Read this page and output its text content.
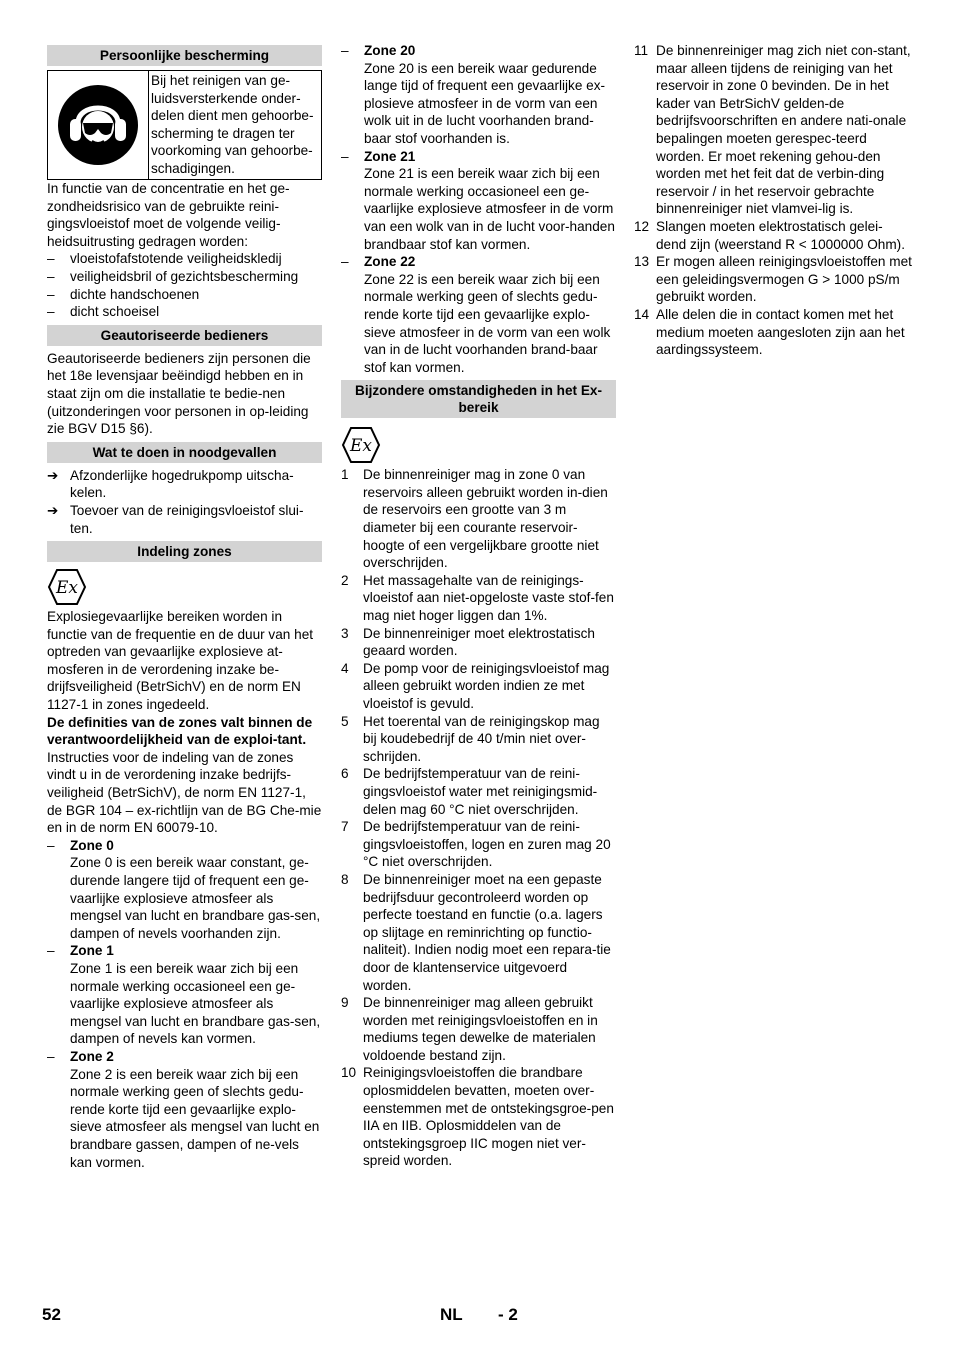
Persoonlijke bescherming
Bij het reinigen van ge-luidsversterkende onder-delen dient men gehoorbe-scherming te dragen ter voorkoming van gehoorbe-schadigingen.

In functie van de concentratie en het ge-zondheidsrisico van de gebruikte reini-gingsvloeistof moet de volgende veilig-heidsuitrusting gedragen worden:

– vloeistofafstotende veiligheidskledij
– veiligheidsbril of gezichtsbescherming
– dichte handschoenen
– dicht schoeisel
Geautoriseerde bedieners

Geautoriseerde bedieners zijn personen die het 18e levensjaar beëindigd hebben en in staat zijn om die installatie te bedie-nen (uitzonderingen voor personen in op-leiding zie BGV D15 §6).

Wat te doen in noodgevallen
➔ Afzonderlijke hogedrukpomp uitscha-kelen.
➔ Toevoer van de reinigingsvloeistof slui-ten.
Indeling zones
Ex

Explosiegevaarlijke bereiken worden in functie van de frequentie en de duur van het optreden van gevaarlijke explosieve at-mosferen in de verordening inzake be-drijfsveiligheid (BetrSichV) en de norm EN 1127-1 in zones ingedeeld.

De definities van de zones valt binnen de verantwoordelijkheid van de exploi-tant.

Instructies voor de indeling van de zones vindt u in de verordening inzake bedrijfs-veiligheid (BetrSichV), de norm EN 1127-1, de BGR 104 – ex-richtlijn van de BG Che-mie en in de norm EN 60079-10.

– Zone 0
Zone 0 is een bereik waar constant, ge-durende langere tijd of frequent een ge-vaarlijke explosieve atmosfeer als mengsel van lucht en brandbare gas-sen, dampen of nevels voorhanden zijn.
– Zone 1
Zone 1 is een bereik waar zich bij een normale werking occasioneel een ge-vaarlijke explosieve atmosfeer als mengsel van lucht en brandbare gas-sen, dampen of nevels kan vormen.
– Zone 2
Zone 2 is een bereik waar zich bij een normale werking geen of slechts gedu-rende korte tijd een gevaarlijke explo-sieve atmosfeer als mengsel van lucht en brandbare gassen, dampen of ne-vels kan vormen.
– Zone 20
Zone 20 is een bereik waar gedurende lange tijd of frequent een gevaarlijke ex-plosieve atmosfeer in de vorm van een wolk uit in de lucht voorhanden brand-baar stof voorhanden is.
– Zone 21
Zone 21 is een bereik waar zich bij een normale werking occasioneel een ge-vaarlijke explosieve atmosfeer in de vorm van een wolk van in de lucht voor-handen brandbaar stof kan vormen.
– Zone 22
Zone 22 is een bereik waar zich bij een normale werking geen of slechts gedu-rende korte tijd een gevaarlijke explo-sieve atmosfeer in de vorm van een wolk van in de lucht voorhanden brand-baar stof kan vormen.
Bijzondere omstandigheden in het Ex-bereik
Ex
1 De binnenreiniger mag in zone 0 van reservoirs alleen gebruikt worden in-dien de reservoirs een grootte van 3 m diameter bij een courante reservoir-hoogte of een vergelijkbare grootte niet overschrijden.
2 Het massagehalte van de reinigings-vloeistof aan niet-opgeloste vaste stof-fen mag niet hoger liggen dan 1%.
3 De binnenreiniger moet elektrostatisch geaard worden.
4 De pomp voor de reinigingsvloeistof mag alleen gebruikt worden indien ze met vloeistof is gevuld.
5 Het toerental van de reinigingskop mag bij koudebedrijf de 40 t/min niet over-schrijden.
6 De bedrijfstemperatuur van de reini-gingsvloeistof water met reinigingsmid-delen mag 60 °C niet overschrijden.
7 De bedrijfstemperatuur van de reini-gingsvloeistoffen, logen en zuren mag 20 °C niet overschrijden.
8 De binnenreiniger moet na een gepaste bedrijfsduur gecontroleerd worden op perfecte toestand en functie (o.a. lagers op slijtage en reminrichting op functio-naliteit). Indien nodig moet een repara-tie door de klantenservice uitgevoerd worden.
9 De binnenreiniger mag alleen gebruikt worden met reinigingsvloeistoffen en in mediums tegen dewelke de materialen voldoende bestand zijn.
10 Reinigingsvloeistoffen die brandbare oplosmiddelen bevatten, moeten over-eenstemmen met de ontstekingsgroe-pen IIA en IIB. Oplosmiddelen van de ontstekingsgroep IIC mogen niet ver-spreid worden.
11 De binnenreiniger mag zich niet con-stant, maar alleen tijdens de reiniging van het reservoir in zone 0 bevinden. De in het kader van BetrSichV gelden-de bedrijfsvoorschriften en andere nati-onale bepalingen moeten gerespec-teerd worden. Er moet rekening gehou-den worden met het feit dat de verbin-ding reservoir / in het reservoir gebrachte binnenreiniger niet vlamvei-lig is.
12 Slangen moeten elektrostatisch gelei-dend zijn (weerstand R < 1000000 Ohm).
13 Er mogen alleen reinigingsvloeistoffen met een geleidingsvermogen G > 1000 pS/m gebruikt worden.
14 Alle delen die in contact komen met het medium moeten aangesloten zijn aan het aardingssysteem.
52	NL - 2
